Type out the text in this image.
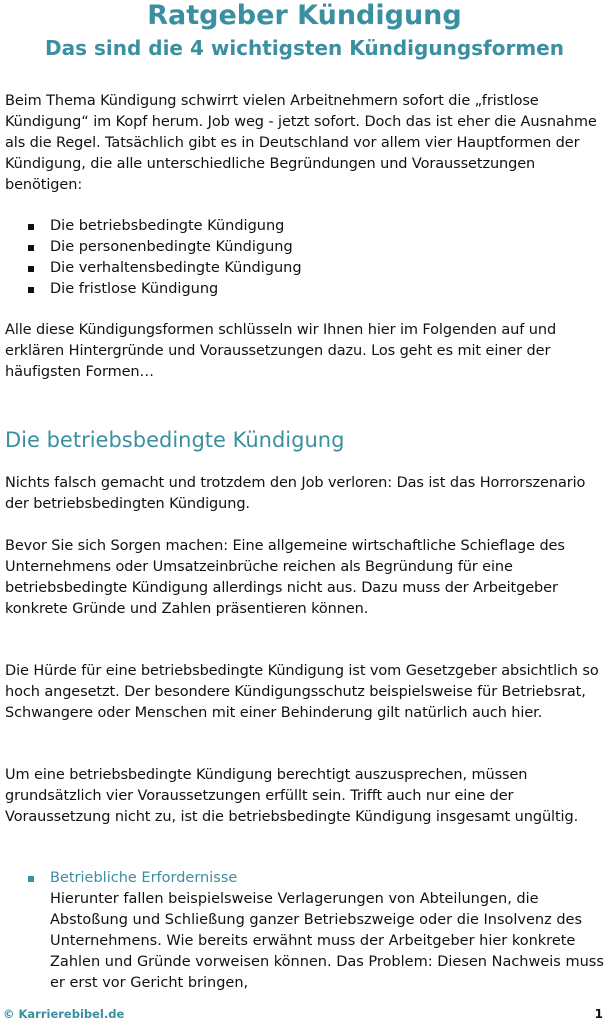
Ratgeber Kündigung
Das sind die 4 wichtigsten Kündigungsformen

Beim Thema Kündigung schwirrt vielen Arbeitnehmern sofort die „fristlose Kündigung“ im Kopf herum. Job weg - jetzt sofort. Doch das ist eher die Ausnahme als die Regel. Tatsächlich gibt es in Deutschland vor allem vier Hauptformen der Kündigung, die alle unterschiedliche Begründungen und Voraussetzungen benötigen:

Die betriebsbedingte Kündigung
Die personenbedingte Kündigung
Die verhaltensbedingte Kündigung
Die fristlose Kündigung

Alle diese Kündigungsformen schlüsseln wir Ihnen hier im Folgenden auf und erklären Hintergründe und Voraussetzungen dazu. Los geht es mit einer der häufigsten Formen…

Die betriebsbedingte Kündigung

Nichts falsch gemacht und trotzdem den Job verloren: Das ist das Horrorszenario der betriebsbedingten Kündigung.

Bevor Sie sich Sorgen machen: Eine allgemeine wirtschaftliche Schieflage des Unternehmens oder Umsatzeinbrüche reichen als Begründung für eine betriebsbedingte Kündigung allerdings nicht aus. Dazu muss der Arbeitgeber konkrete Gründe und Zahlen präsentieren können.

Die Hürde für eine betriebsbedingte Kündigung ist vom Gesetzgeber absichtlich so hoch angesetzt. Der besondere Kündigungsschutz beispielsweise für Betriebsrat, Schwangere oder Menschen mit einer Behinderung gilt natürlich auch hier.

Um eine betriebsbedingte Kündigung berechtigt auszusprechen, müssen grundsätzlich vier Voraussetzungen erfüllt sein. Trifft auch nur eine der Voraussetzung nicht zu, ist die betriebsbedingte Kündigung insgesamt ungültig.

Betriebliche Erfordernisse
Hierunter fallen beispielsweise Verlagerungen von Abteilungen, die Abstoßung und Schließung ganzer Betriebszweige oder die Insolvenz des Unternehmens. Wie bereits erwähnt muss der Arbeitgeber hier konkrete Zahlen und Gründe vorweisen können. Das Problem: Diesen Nachweis muss er erst vor Gericht bringen,
© Karrierebibel.de	1
